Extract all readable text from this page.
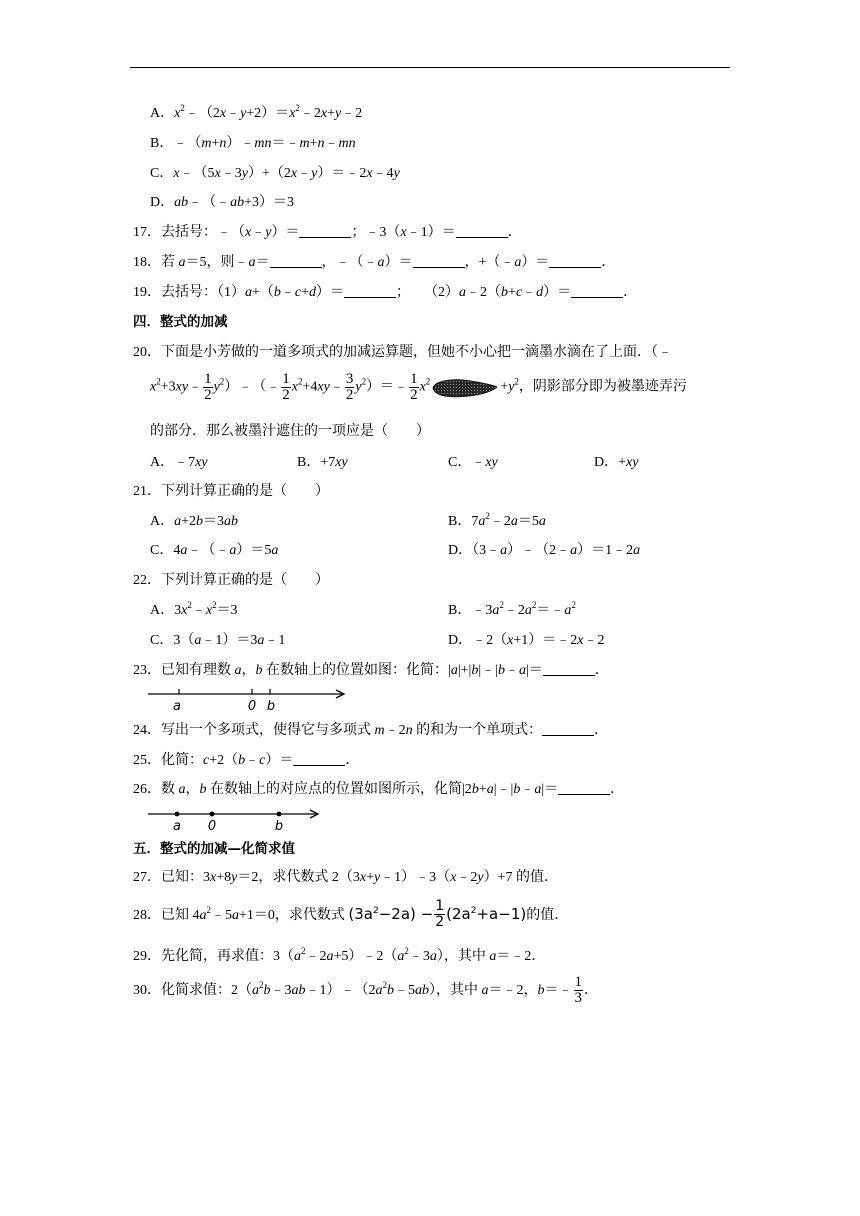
A．$x^2﹣(2x﹣y+2)=x^2﹣2x+y﹣2$
B．﹣（m+n）﹣mn＝﹣m+n﹣mn
C．x﹣（5x﹣3y）+（2x﹣y）＝﹣2x﹣4y
D．ab﹣（﹣ab+3）＝3
17．去括号：﹣（x﹣y）＝	；﹣3（x﹣1）＝	．
18．若 a＝5，则﹣a＝	，﹣（﹣a）＝	，+（﹣a）＝	．
19．去括号：（1）a+（b﹣c+d）＝	；    （2）a﹣2（b+c﹣d）＝	．
四．整式的加减
20．下面是小芳做的一道多项式的加减运算题，但她不小心把一滴墨水滴在了上面．（﹣
$x^2+3xy﹣ \frac{1}{2}$ $y^2)﹣(﹣ \frac{1}{2}$ $x^2+4xy﹣ \frac{3}{2}$ $y^2)=﹣ \frac{1}{2} x^2$	$+y^2$，阴影部分即为被墨迹弄污
的部分．那么被墨汁遮住的一项应是（　　）
A．﹣7xy	B．+7xy	C．﹣xy	D．+xy
21．下列计算正确的是（　　）
A．a+2b＝3ab	B．$7a^2﹣2a=5a$
C．4a﹣（﹣a）＝5a	D．（3﹣a）﹣（2﹣a）＝1﹣2a
22．下列计算正确的是（　　）
A．$3x^2﹣x^2=3$	B．$﹣3a^2﹣2a^2=﹣a^2$
C．3（a﹣1）＝3a﹣1	D．﹣2（x+1）＝﹣2x﹣2
23．已知有理数 a，b 在数轴上的位置如图：化简：|a|+|b|﹣|b﹣a|＝	．
a	0 b
24．写出一个多项式，使得它与多项式 m﹣2n 的和为一个单项式：	．
25．化简：c+2（b﹣c）＝	．
26．数 a，b 在数轴上的对应点的位置如图所示，化简|2b+a|﹣|b﹣a|＝	．
a 0	b
五．整式的加减—化简求值
27．已知：3x+8y＝2，求代数式 2（3x+y﹣1）﹣3（x﹣2y）+7 的值．
28．已知 $4a^2﹣5a+1=0$，求代数式 $(3a^2-2a) - \frac{1}{2} (2a^2+a-1)$的值．
29．先化简，再求值：$3(a^2﹣2a+5)﹣2(a^2﹣3a)$，其中 a＝﹣2．
30．化简求值：$2(a^2b﹣3ab﹣1)﹣(2a^2b﹣5ab)$，其中 a＝﹣2，b＝﹣ $\frac{1}{3}$ ．
